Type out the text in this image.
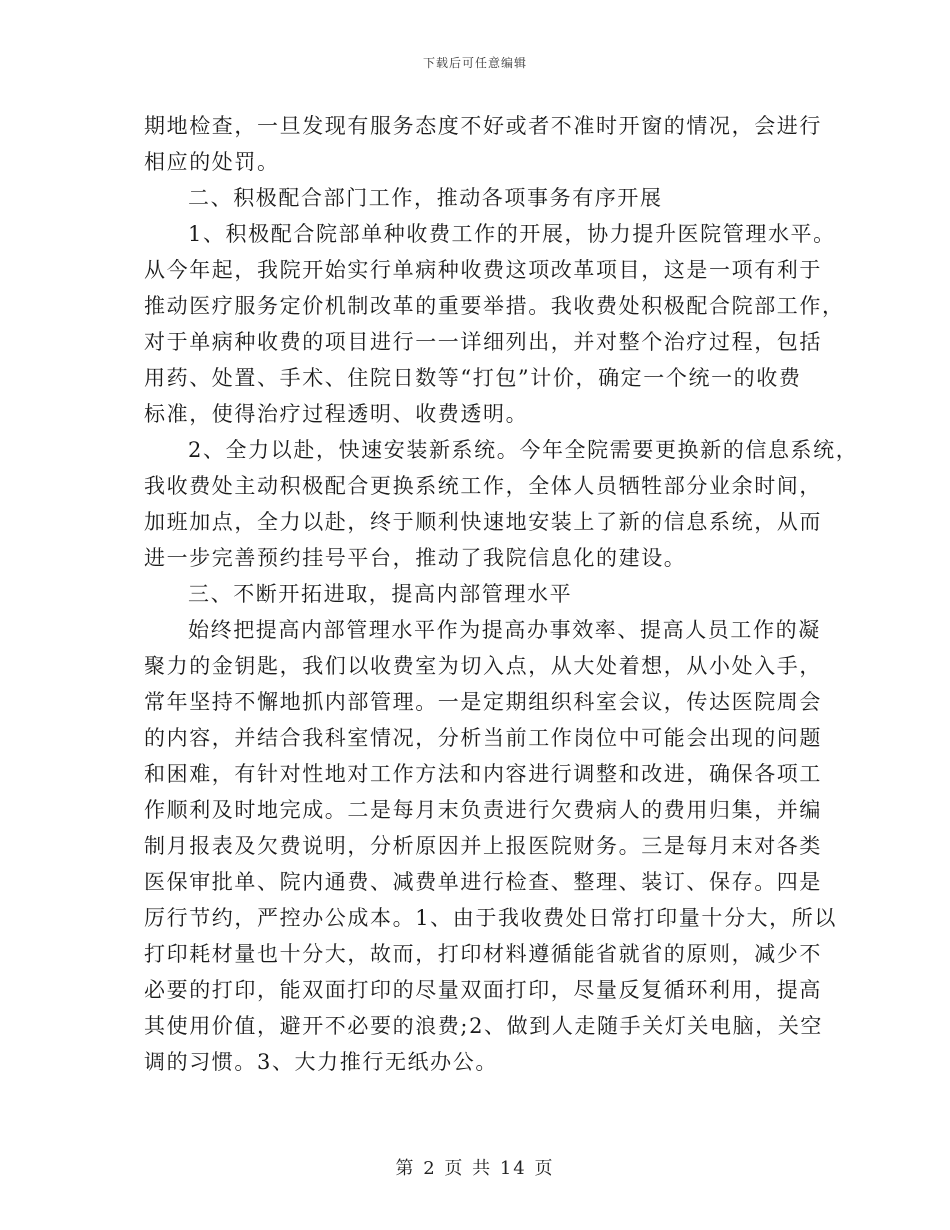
下载后可任意编辑
期地检查，一旦发现有服务态度不好或者不准时开窗的情况，会进行
相应的处罚。
二、积极配合部门工作，推动各项事务有序开展
1、积极配合院部单种收费工作的开展，协力提升医院管理水平。
从今年起，我院开始实行单病种收费这项改革项目，这是一项有利于
推动医疗服务定价机制改革的重要举措。我收费处积极配合院部工作，
对于单病种收费的项目进行一一详细列出，并对整个治疗过程，包括
用药、处置、手术、住院日数等“打包”计价，确定一个统一的收费
标准，使得治疗过程透明、收费透明。
2、全力以赴，快速安装新系统。今年全院需要更换新的信息系统，
我收费处主动积极配合更换系统工作，全体人员牺牲部分业余时间，
加班加点，全力以赴，终于顺利快速地安装上了新的信息系统，从而
进一步完善预约挂号平台，推动了我院信息化的建设。
三、不断开拓进取，提高内部管理水平
始终把提高内部管理水平作为提高办事效率、提高人员工作的凝
聚力的金钥匙，我们以收费室为切入点，从大处着想，从小处入手，
常年坚持不懈地抓内部管理。一是定期组织科室会议，传达医院周会
的内容，并结合我科室情况，分析当前工作岗位中可能会出现的问题
和困难，有针对性地对工作方法和内容进行调整和改进，确保各项工
作顺利及时地完成。二是每月末负责进行欠费病人的费用归集，并编
制月报表及欠费说明，分析原因并上报医院财务。三是每月末对各类
医保审批单、院内通费、减费单进行检查、整理、装订、保存。四是
厉行节约，严控办公成本。1、由于我收费处日常打印量十分大，所以
打印耗材量也十分大，故而，打印材料遵循能省就省的原则，减少不
必要的打印，能双面打印的尽量双面打印，尽量反复循环利用，提高
其使用价值，避开不必要的浪费;2、做到人走随手关灯关电脑，关空
调的习惯。3、大力推行无纸办公。
第 2 页 共 14 页
